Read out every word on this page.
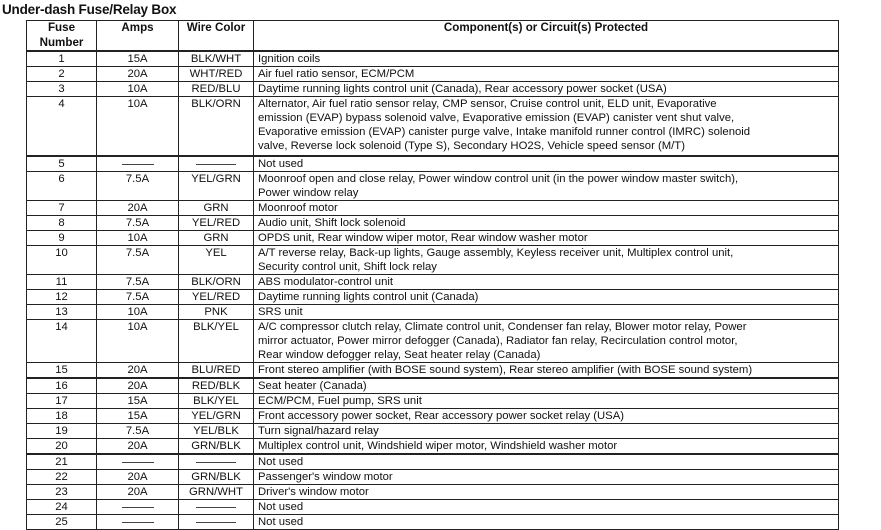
Under-dash Fuse/Relay Box
Fuse Number	Amps	Wire Color	Component(s) or Circuit(s) Protected
1	15A	BLK/WHT	Ignition coils

2	20A	WHT/RED	Air fuel ratio sensor, ECM/PCM

3	10A	RED/BLU	Daytime running lights control unit (Canada), Rear accessory power socket (USA)

4	10A	BLK/ORN	Alternator, Air fuel ratio sensor relay, CMP sensor, Cruise control unit, ELD unit, Evaporative
emission (EVAP) bypass solenoid valve, Evaporative emission (EVAP) canister vent shut valve,
Evaporative emission (EVAP) canister purge valve, Intake manifold runner control (IMRC) solenoid
valve, Reverse lock solenoid (Type S), Secondary HO2S, Vehicle speed sensor (M/T)

5			Not used

6	7.5A	YEL/GRN	Moonroof open and close relay, Power window control unit (in the power window master switch),
Power window relay

7	20A	GRN	Moonroof motor

8	7.5A	YEL/RED	Audio unit, Shift lock solenoid

9	10A	GRN	OPDS unit, Rear window wiper motor, Rear window washer motor

10	7.5A	YEL	A/T reverse relay, Back-up lights, Gauge assembly, Keyless receiver unit, Multiplex control unit,
Security control unit, Shift lock relay

11	7.5A	BLK/ORN	ABS modulator-control unit

12	7.5A	YEL/RED	Daytime running lights control unit (Canada)

13	10A	PNK	SRS unit

14	10A	BLK/YEL	A/C compressor clutch relay, Climate control unit, Condenser fan relay, Blower motor relay, Power
mirror actuator, Power mirror defogger (Canada), Radiator fan relay, Recirculation control motor,
Rear window defogger relay, Seat heater relay (Canada)

15	20A	BLU/RED	Front stereo amplifier (with BOSE sound system), Rear stereo amplifier (with BOSE sound system)

16	20A	RED/BLK	Seat heater (Canada)

17	15A	BLK/YEL	ECM/PCM, Fuel pump, SRS unit

18	15A	YEL/GRN	Front accessory power socket, Rear accessory power socket relay (USA)

19	7.5A	YEL/BLK	Turn signal/hazard relay

20	20A	GRN/BLK	Multiplex control unit, Windshield wiper motor, Windshield washer motor

21			Not used

22	20A	GRN/BLK	Passenger's window motor

23	20A	GRN/WHT	Driver's window motor

24			Not used

25			Not used
